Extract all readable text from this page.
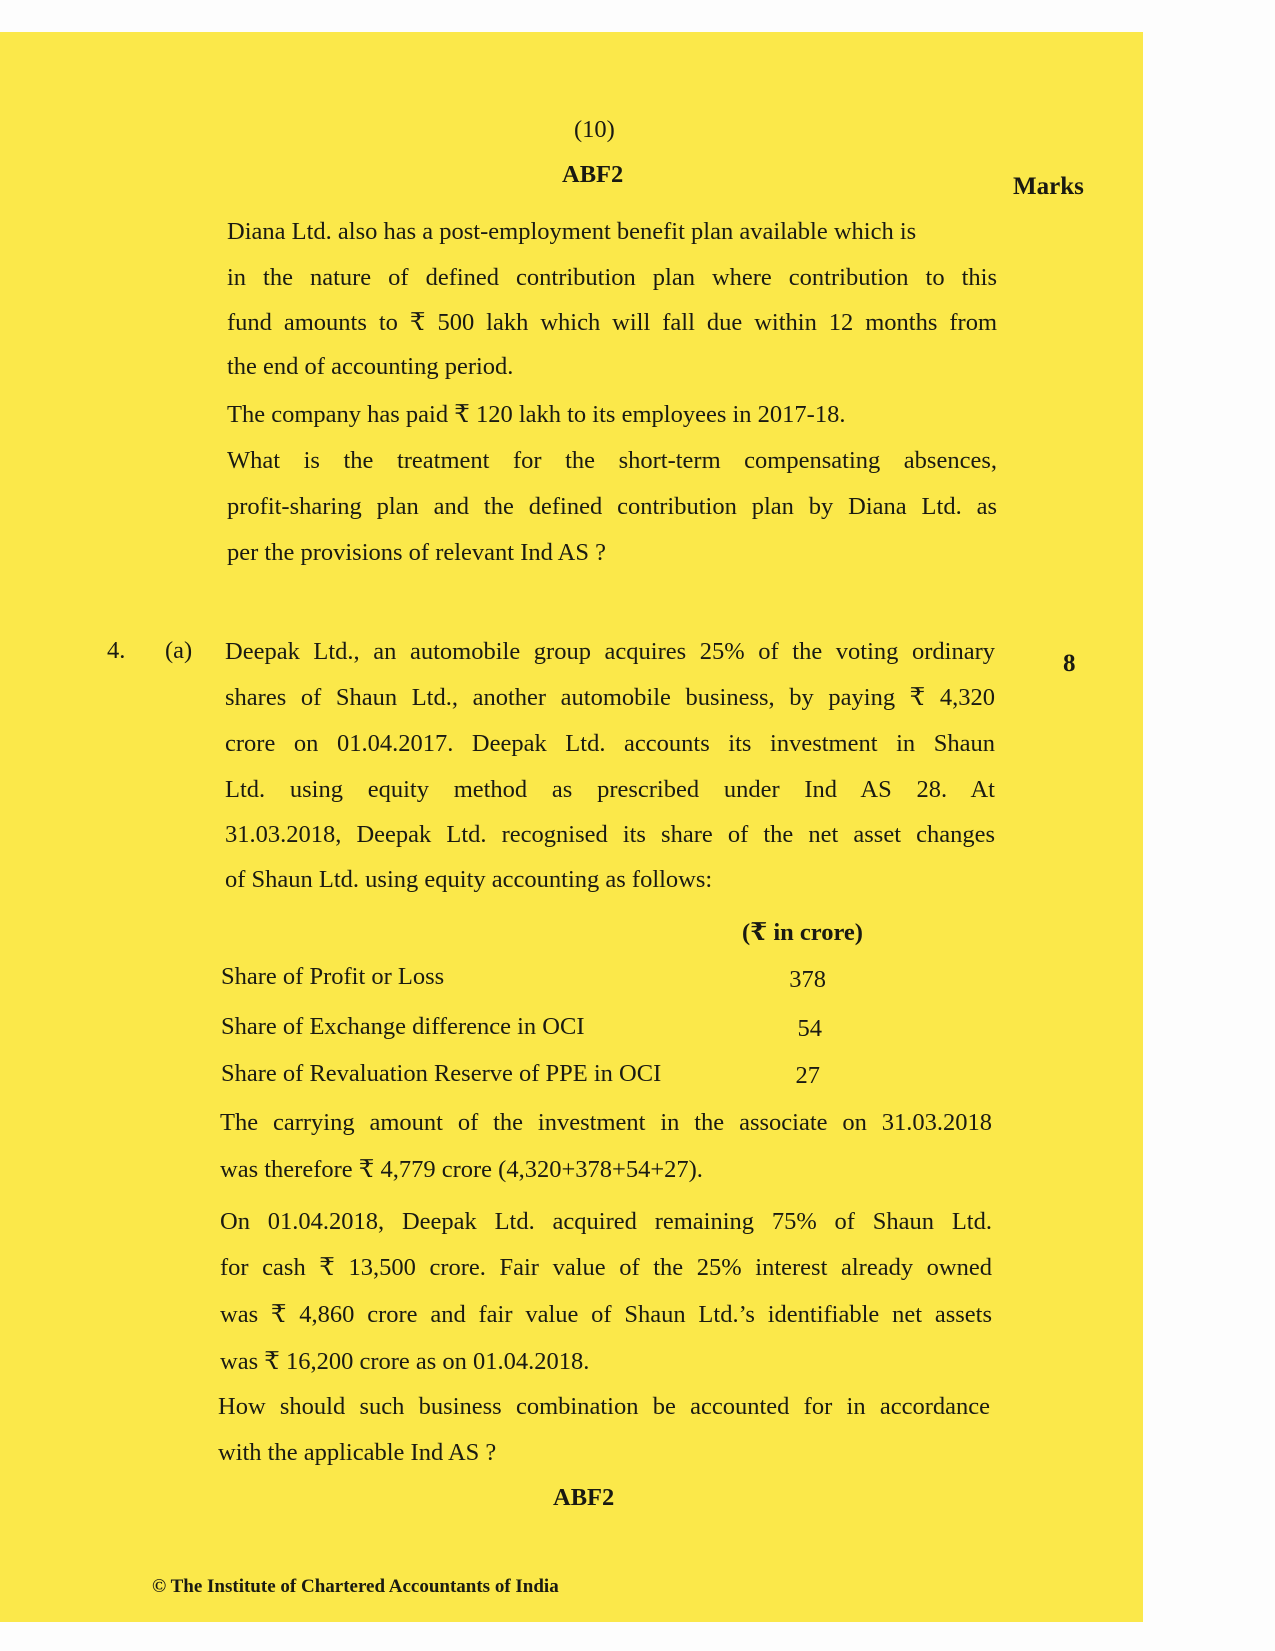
(10)
ABF2	Marks
Diana Ltd. also has a post-employment benefit plan available which is
in the nature of defined contribution plan where contribution to this
fund amounts to ₹ 500 lakh which will fall due within 12 months from
the end of accounting period.
The company has paid ₹ 120 lakh to its employees in 2017-18.
What is the treatment for the short-term compensating absences,
profit-sharing plan and the defined contribution plan by Diana Ltd. as
per the provisions of relevant Ind AS ?
4. (a)	8
Deepak Ltd., an automobile group acquires 25% of the voting ordinary
shares of Shaun Ltd., another automobile business, by paying ₹ 4,320
crore on 01.04.2017. Deepak Ltd. accounts its investment in Shaun
Ltd. using equity method as prescribed under Ind AS 28. At
31.03.2018, Deepak Ltd. recognised its share of the net asset changes
of Shaun Ltd. using equity accounting as follows:
(₹ in crore)
Share of Profit or Loss	378
Share of Exchange difference in OCI	54
Share of Revaluation Reserve of PPE in OCI	27
The carrying amount of the investment in the associate on 31.03.2018
was therefore ₹ 4,779 crore (4,320+378+54+27).
On 01.04.2018, Deepak Ltd. acquired remaining 75% of Shaun Ltd.
for cash ₹ 13,500 crore. Fair value of the 25% interest already owned
was ₹ 4,860 crore and fair value of Shaun Ltd.’s identifiable net assets
was ₹ 16,200 crore as on 01.04.2018.
How should such business combination be accounted for in accordance
with the applicable Ind AS ?
ABF2
© The Institute of Chartered Accountants of India
